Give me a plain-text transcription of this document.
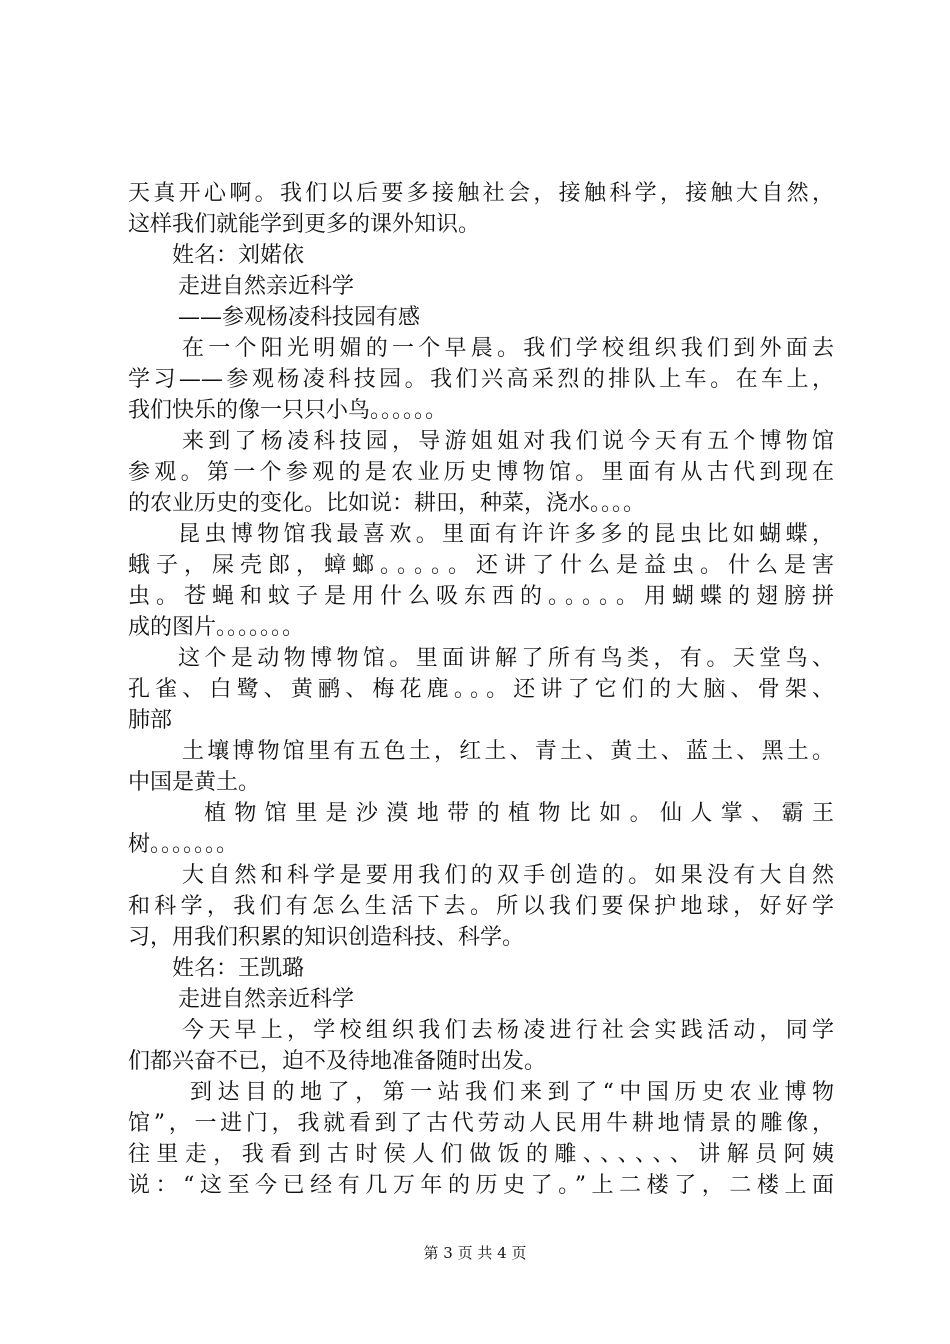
天真开心啊。我们以后要多接触社会，接触科学，接触大自然，
这样我们就能学到更多的课外知识。
姓名：刘婼依
走进自然亲近科学
——参观杨凌科技园有感
在一个阳光明媚的一个早晨。我们学校组织我们到外面去
学习——参观杨凌科技园。我们兴高采烈的排队上车。在车上，
我们快乐的像一只只小鸟。。。。。。
来到了杨凌科技园，导游姐姐对我们说今天有五个博物馆
参观。第一个参观的是农业历史博物馆。里面有从古代到现在
的农业历史的变化。比如说：耕田，种菜，浇水。。。。
昆虫博物馆我最喜欢。里面有许许多多的昆虫比如蝴蝶，
蛾子，屎壳郎，蟑螂。。。。。还讲了什么是益虫。什么是害
虫。苍蝇和蚊子是用什么吸东西的。。。。。用蝴蝶的翅膀拼
成的图片。。。。。。。
这个是动物博物馆。里面讲解了所有鸟类，有。天堂鸟、
孔雀、白鹭、黄鹂、梅花鹿。。。还讲了它们的大脑、骨架、
肺部
土壤博物馆里有五色土，红土、青土、黄土、蓝土、黑土。
中国是黄土。
植物馆里是沙漠地带的植物比如。仙人掌、霸王
树。。。。。。。
大自然和科学是要用我们的双手创造的。如果没有大自然
和科学，我们有怎么生活下去。所以我们要保护地球，好好学
习，用我们积累的知识创造科技、科学。
姓名：王凯璐
走进自然亲近科学
今天早上，学校组织我们去杨凌进行社会实践活动，同学
们都兴奋不已，迫不及待地准备随时出发。
到达目的地了，第一站我们来到了“中国历史农业博物
馆”，一进门，我就看到了古代劳动人民用牛耕地情景的雕像，
往里走，我看到古时侯人们做饭的雕、、、、、、讲解员阿姨
说：“这至今已经有几万年的历史了。”上二楼了，二楼上面
第 3 页 共 4 页
